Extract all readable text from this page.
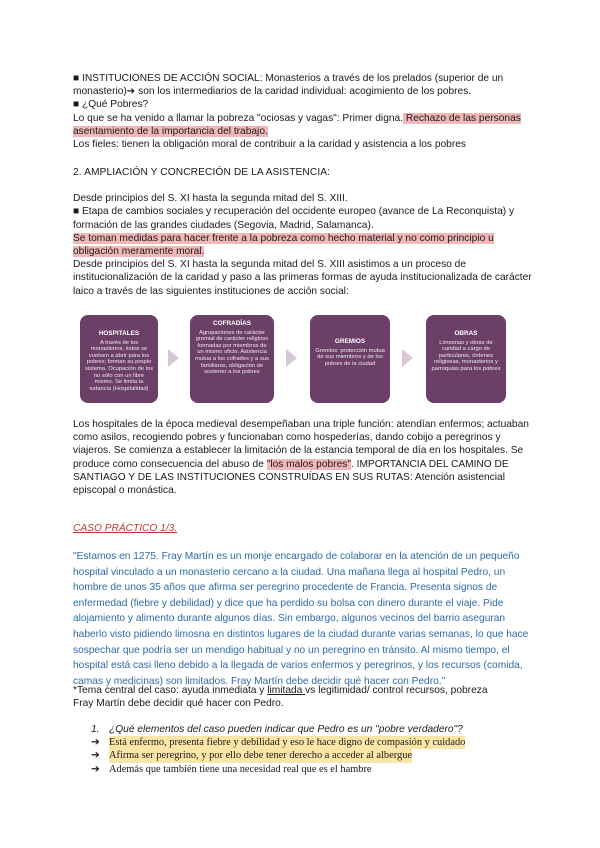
■ INSTITUCIONES DE ACCIÓN SOCIAL: Monasterios a través de los prelados (superior de un

monasterio)➔ son los intermediarios de la caridad individual: acogimiento de los pobres.

■ ¿Qué Pobres?

Lo que se ha venido a llamar la pobreza "ociosas y vagas": Primer digna. Rechazo de las personas

asentamiento de la importancia del trabajo.

Los fieles: tienen la obligación moral de contribuir a la caridad y asistencia a los pobres

2. AMPLIACIÓN Y CONCRECIÓN DE LA ASISTENCIA:

Desde principios del S. XI hasta la segunda mitad del S. XIII.

■ Etapa de cambios sociales y recuperación del occidente europeo (avance de La Reconquista) y

formación de las grandes ciudades (Segovia, Madrid, Salamanca).

Se toman medidas para hacer frente a la pobreza como hecho material y no como principio u

obligación meramente moral.

Desde principios del S. XI hasta la segunda mitad del S. XIII asistimos a un proceso de

institucionalización de la caridad y paso a las primeras formas de ayuda institucionalizada de carácter

laico a través de las siguientes instituciones de acción social:

HOSPITALES
A través de los monasterios, éstos se vuelven a abrir para los pobres; forman su propio sistema. Ocupación de los no sólo con un libre mismo. Se limita la estancia (Hospitalidad)
COFRADÍAS
Agrupaciones de carácter gremial de carácter religioso formadas por miembros de un mismo oficio. Asistencia mutua a los cofrades y a sus familiares, obligación de sostener a los pobres
GREMIOS
Gremios: protección mutua de sus miembros y de los pobres de la ciudad
OBRAS
Limosnas y obras de caridad a cargo de particulares, órdenes religiosas, monasterios y parroquias para los pobres

Los hospitales de la época medieval desempeñaban una triple función: atendían enfermos; actuaban

como asilos, recogiendo pobres y funcionaban como hospederías, dando cobijo a peregrinos y

viajeros. Se comienza a establecer la limitación de la estancia temporal de día en los hospitales. Se

produce como consecuencia del abuso de "los malos pobres". IMPORTANCIA DEL CAMINO DE

SANTIAGO Y DE LAS INSTITUCIONES CONSTRUÍDAS EN SUS RUTAS: Atención asistencial

episcopal o monástica.

CASO PRÁCTICO 1/3.

"Estamos en 1275. Fray Martín es un monje encargado de colaborar en la atención de un pequeño

hospital vinculado a un monasterio cercano a la ciudad. Una mañana llega al hospital Pedro, un

hombre de unos 35 años que afirma ser peregrino procedente de Francia. Presenta signos de

enfermedad (fiebre y debilidad) y dice que ha perdido su bolsa con dinero durante el viaje. Pide

alojamiento y alimento durante algunos días. Sin embargo, algunos vecinos del barrio aseguran

haberlo visto pidiendo limosna en distintos lugares de la ciudad durante varias semanas, lo que hace

sospechar que podría ser un mendigo habitual y no un peregrino en tránsito. Al mismo tiempo, el

hospital está casi lleno debido a la llegada de varios enfermos y peregrinos, y los recursos (comida,

camas y medicinas) son limitados. Fray Martín debe decidir qué hacer con Pedro."

*Tema central del caso: ayuda inmediata y limitada vs legitimidad/ control recursos, pobreza

Fray Martín debe decidir qué hacer con Pedro.

1. ¿Qué elementos del caso pueden indicar que Pedro es un "pobre verdadero"?
➔ Está enfermo, presenta fiebre y debilidad y eso le hace digno de compasión y cuidado
➔ Afirma ser peregrino, y por ello debe tener derecho a acceder al albergue
➔ Además que también tiene una necesidad real que es el hambre
